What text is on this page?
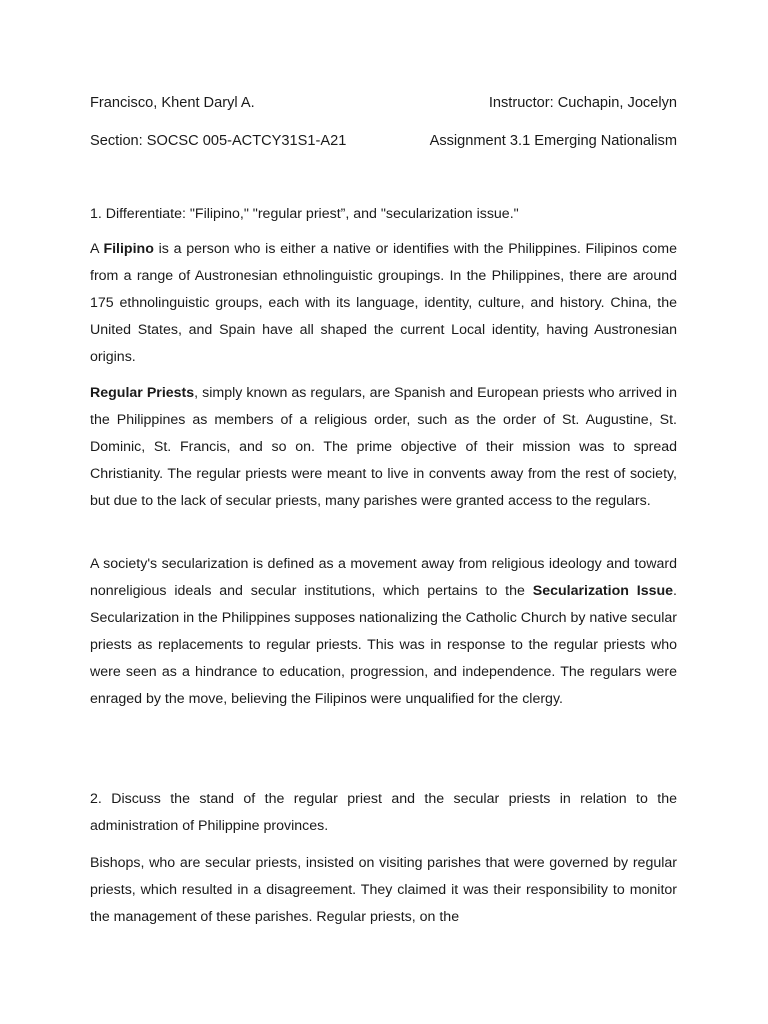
Francisco, Khent Daryl A.	Instructor: Cuchapin, Jocelyn
Section: SOCSC 005-ACTCY31S1-A21	Assignment 3.1 Emerging Nationalism

1. Differentiate: "Filipino," "regular priest”, and "secularization issue."

A Filipino is a person who is either a native or identifies with the Philippines. Filipinos come from a range of Austronesian ethnolinguistic groupings. In the Philippines, there are around 175 ethnolinguistic groups, each with its language, identity, culture, and history. China, the United States, and Spain have all shaped the current Local identity, having Austronesian origins.

Regular Priests, simply known as regulars, are Spanish and European priests who arrived in the Philippines as members of a religious order, such as the order of St. Augustine, St. Dominic, St. Francis, and so on. The prime objective of their mission was to spread Christianity. The regular priests were meant to live in convents away from the rest of society, but due to the lack of secular priests, many parishes were granted access to the regulars.

A society's secularization is defined as a movement away from religious ideology and toward nonreligious ideals and secular institutions, which pertains to the Secularization Issue. Secularization in the Philippines supposes nationalizing the Catholic Church by native secular priests as replacements to regular priests. This was in response to the regular priests who were seen as a hindrance to education, progression, and independence. The regulars were enraged by the move, believing the Filipinos were unqualified for the clergy.

2. Discuss the stand of the regular priest and the secular priests in relation to the administration of Philippine provinces.

Bishops, who are secular priests, insisted on visiting parishes that were governed by regular priests, which resulted in a disagreement. They claimed it was their responsibility to monitor the management of these parishes. Regular priests, on the
